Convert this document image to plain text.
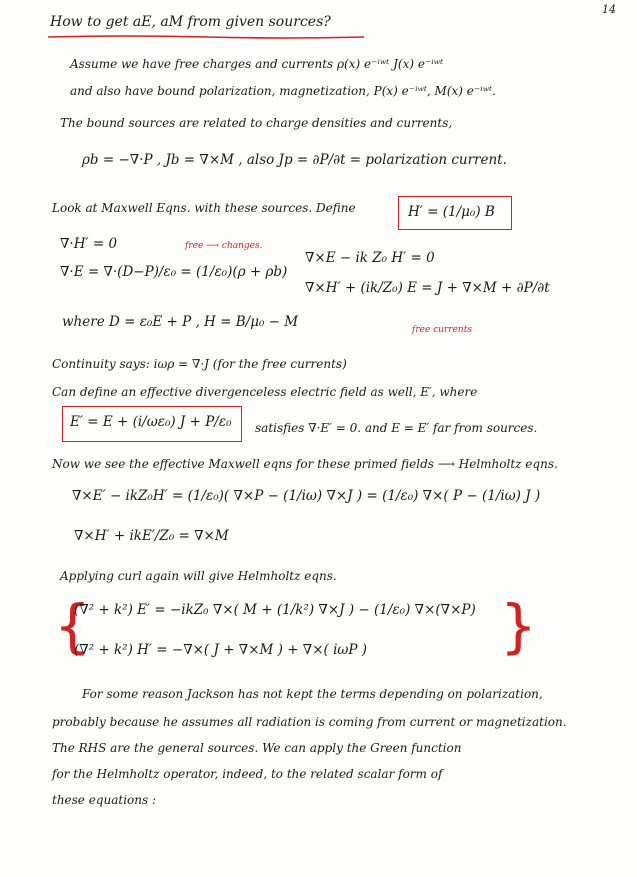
14
How to get aE, aM from given sources?
Assume we have free charges and currents ρ(x) e⁻ⁱʷᵗ J(x) e⁻ⁱʷᵗ
and also have bound polarization, magnetization, P(x) e⁻ⁱʷᵗ, M(x) e⁻ⁱʷᵗ.
The bound sources are related to charge densities and currents,
ρb = −∇·P , Jb = ∇×M , also Jp = ∂P/∂t = polarization current.
Look at Maxwell Eqns. with these sources. Define	H′ = (1/μ₀) B
∇·H′ = 0	free ⟶ changes.
∇·E = ∇·(D−P)/ε₀ = (1/ε₀)(ρ + ρb)
∇×E − ik Z₀ H′ = 0
∇×H′ + (ik/Z₀) E = J + ∇×M + ∂P/∂t
where D = ε₀E + P , H = B/μ₀ − M	free currents
Continuity says: iωρ = ∇·J (for the free currents)
Can define an effective divergenceless electric field as well, E′, where
E′ = E + (i/ωε₀) J + P/ε₀ satisfies ∇·E′ = 0. and E = E′ far from sources.
Now we see the effective Maxwell eqns for these primed fields ⟶ Helmholtz eqns.
∇×E′ − ikZ₀H′ = (1/ε₀)( ∇×P − (1/iω) ∇×J ) = (1/ε₀) ∇×( P − (1/iω) J )
∇×H′ + ikE′/Z₀ = ∇×M
Applying curl again will give Helmholtz eqns.
{	}
(∇² + k²) E′ = −ikZ₀ ∇×( M + (1/k²) ∇×J ) − (1/ε₀) ∇×(∇×P)
(∇² + k²) H′ = −∇×( J + ∇×M ) + ∇×( iωP )
For some reason Jackson has not kept the terms depending on polarization,
probably because he assumes all radiation is coming from current or magnetization.
The RHS are the general sources. We can apply the Green function
for the Helmholtz operator, indeed, to the related scalar form of
these equations :
